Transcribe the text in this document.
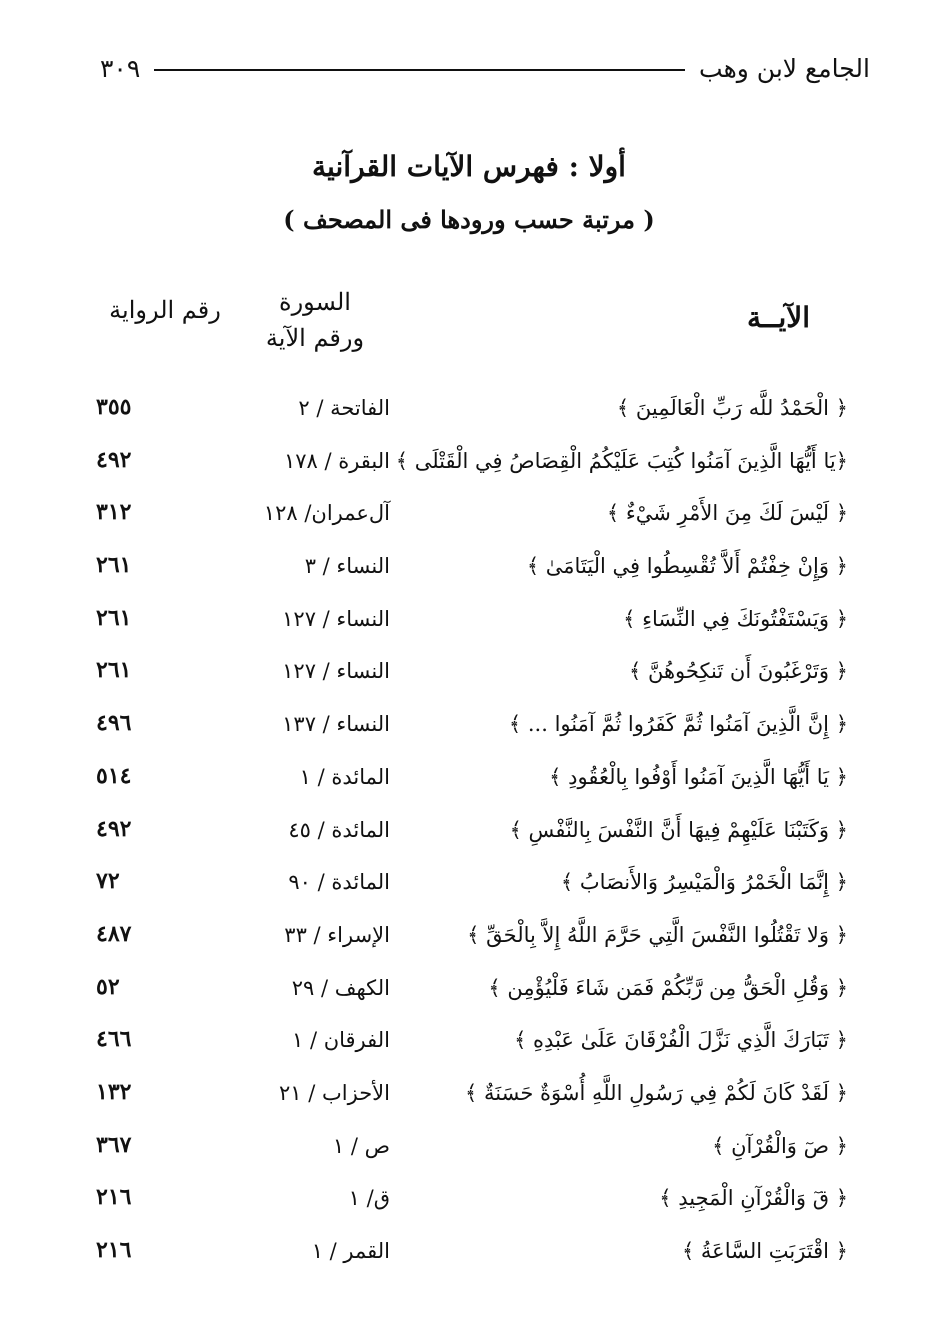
الجامع لابن وهب
٣٠٩
أولا : فهرس الآيات القرآنية
( مرتبة حسب ورودها فى المصحف )
الآيــة
السورة
ورقم الآية
رقم الرواية
﴿ الْحَمْدُ للَّه رَبِّ الْعَالَمِينَ ﴾
الفاتحة / ٢
٣٥٥
﴿يَا أَيُّهَا الَّذِينَ آمَنُوا كُتِبَ عَلَيْكُمُ الْقِصَاصُ فِي الْقَتْلَى ﴾
البقرة / ١٧٨
٤٩٢
﴿ لَيْسَ لَكَ مِنَ الأَمْرِ شَيْءٌ ﴾
آل‌عمران/ ١٢٨
٣١٢
﴿ وَإِنْ خِفْتُمْ أَلاَّ تُقْسِطُوا فِي الْيَتَامَىٰ ﴾
النساء / ٣
٢٦١
﴿ وَيَسْتَفْتُونَكَ فِي النِّسَاءِ ﴾
النساء / ١٢٧
٢٦١
﴿ وَتَرْغَبُونَ أَن تَنكِحُوهُنَّ ﴾
النساء / ١٢٧
٢٦١
﴿ إِنَّ الَّذِينَ آمَنُوا ثُمَّ كَفَرُوا ثُمَّ آمَنُوا ... ﴾
النساء / ١٣٧
٤٩٦
﴿ يَا أَيُّهَا الَّذِينَ آمَنُوا أَوْفُوا بِالْعُقُودِ ﴾
المائدة / ١
٥١٤
﴿ وَكَتَبْنَا عَلَيْهِمْ فِيهَا أَنَّ النَّفْسَ بِالنَّفْسِ ﴾
المائدة / ٤٥
٤٩٢
﴿ إِنَّمَا الْخَمْرُ وَالْمَيْسِرُ وَالأَنصَابُ ﴾
المائدة / ٩٠
٧٢
﴿ وَلا تَقْتُلُوا النَّفْسَ الَّتِي حَرَّمَ اللَّهُ إِلاَّ بِالْحَقِّ ﴾
الإسراء / ٣٣
٤٨٧
﴿ وَقُلِ الْحَقُّ مِن رَّبِّكُمْ فَمَن شَاءَ فَلْيُؤْمِن ﴾
الكهف / ٢٩
٥٢
﴿ تَبَارَكَ الَّذِي نَزَّلَ الْفُرْقَانَ عَلَىٰ عَبْدِهِ ﴾
الفرقان / ١
٤٦٦
﴿ لَقَدْ كَانَ لَكُمْ فِي رَسُولِ اللَّهِ أُسْوَةٌ حَسَنَةٌ ﴾
الأحزاب / ٢١
١٣٢
﴿ صٓ وَالْقُرْآنِ ﴾
ص / ١
٣٦٧
﴿ قٓ وَالْقُرْآنِ الْمَجِيدِ ﴾
ق/ ١
٢١٦
﴿ اقْتَرَبَتِ السَّاعَةُ ﴾
القمر / ١
٢١٦
